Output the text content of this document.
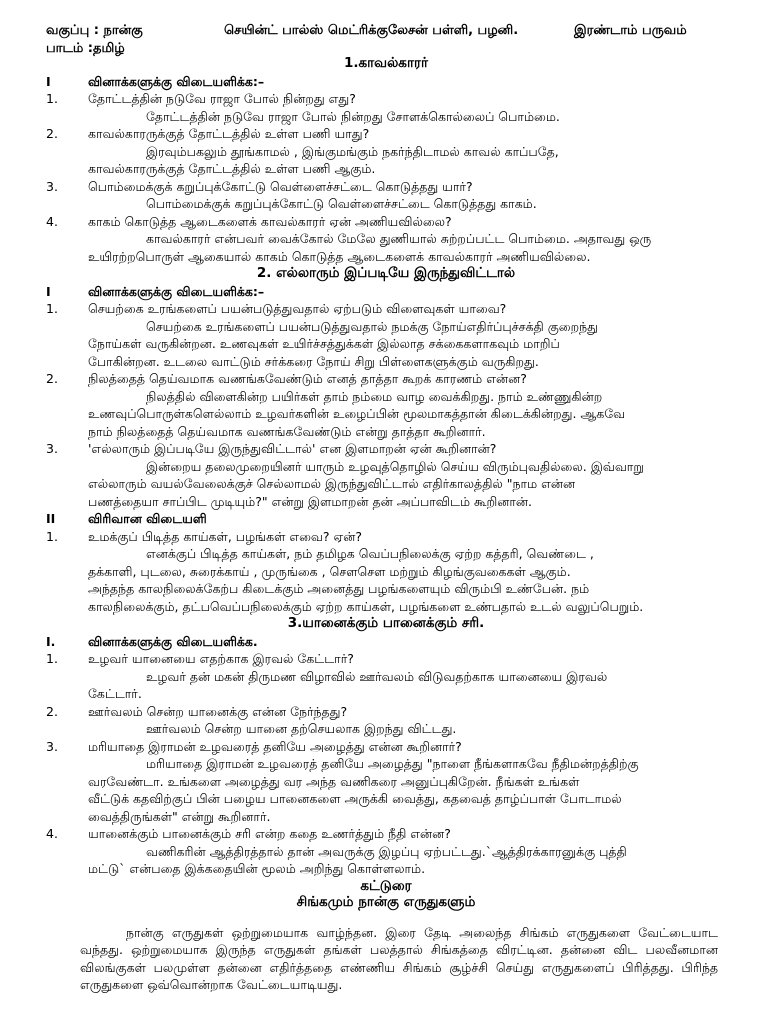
வகுப்பு : நான்கு	செயின்ட் பால்ஸ் மெட்ரிக்குலேசன் பள்ளி, பழனி.	இரண்டாம் பருவம்
பாடம் :தமிழ்
1.காவல்காரர்
I	வினாக்களுக்கு விடையளிக்க:–
1.	தோட்டத்தின் நடுவே ராஜா போல் நின்றது எது?
தோட்டத்தின் நடுவே ராஜா போல் நின்றது சோளக்கொல்லைப் பொம்மை.
2.	காவல்காரருக்குத் தோட்டத்தில் உள்ள பணி யாது?
இரவும்பகலும் தூங்காமல் , இங்குமங்கும் நகர்ந்திடாமல் காவல் காப்பதே,
காவல்காரருக்குத் தோட்டத்தில் உள்ள பணி ஆகும்.
3.	பொம்மைக்குக் கறுப்புக்கோட்டு வெள்ளைச்சட்டை கொடுத்தது யார்?
பொம்மைக்குக் கறுப்புக்கோட்டு வெள்ளைச்சட்டை கொடுத்தது காகம்.
4.	காகம் கொடுத்த ஆடைகளைக் காவல்காரர் ஏன் அணியவில்லை?
காவல்காரர் என்பவர் வைக்கோல் மேலே துணியால் சுற்றப்பட்ட பொம்மை. அதாவது ஒரு
உயிரற்றபொருள் ஆகையால் காகம் கொடுத்த ஆடைகளைக் காவல்காரர் அணியவில்லை.
2. எல்லாரும் இப்படியே இருந்துவிட்டால்
I	வினாக்களுக்கு விடையளிக்க:–
1.	செயற்கை உரங்களைப் பயன்படுத்துவதால் ஏற்படும் விளைவுகள் யாவை?
செயற்கை உரங்களைப் பயன்படுத்துவதால் நமக்கு நோய்எதிர்ப்புச்சக்தி குறைந்து
நோய்கள் வருகின்றன. உணவுகள் உயிர்ச்சத்துக்கள் இல்லாத சக்கைகளாகவும் மாறிப்
போகின்றன. உடலை வாட்டும் சர்க்கரை நோய் சிறு பிள்ளைகளுக்கும் வருகிறது.
2.	நிலத்தைத் தெய்வமாக வணங்கவேண்டும் எனத் தாத்தா கூறக் காரணம் என்ன?
நிலத்தில் விளைகின்ற பயிர்கள் தாம் நம்மை வாழ வைக்கிறது. நாம் உண்ணுகின்ற
உணவுப்பொருள்களெல்லாம் உழவர்களின் உழைப்பின் மூலமாகத்தான் கிடைக்கின்றது. ஆகவே
நாம் நிலத்தைத் தெய்வமாக வணங்கவேண்டும் என்று தாத்தா கூறினார்.
3.	'எல்லாரும் இப்படியே இருந்துவிட்டால்' என இளமாறன் ஏன் கூறினான்?
இன்றைய தலைமுறையினர் யாரும் உழவுத்தொழில் செய்ய விரும்புவதில்லை. இவ்வாறு
எல்லாரும் வயல்வேலைக்குச் செல்லாமல் இருந்துவிட்டால் எதிர்காலத்தில் "நாம என்ன
பணத்தையா சாப்பிட முடியும்?" என்று இளமாறன் தன் அப்பாவிடம் கூறினான்.
II	விரிவான விடையளி
1.	உமக்குப் பிடித்த காய்கள், பழங்கள் எவை? ஏன்?
எனக்குப் பிடித்த காய்கள், நம் தமிழக வெப்பநிலைக்கு ஏற்ற கத்தரி, வெண்டை ,
தக்காளி, புடலை, சுரைக்காய் , முருங்கை , சௌசௌ மற்றும் கிழங்குவகைகள் ஆகும்.
அந்தந்த காலநிலைக்கேற்ப கிடைக்கும் அனைத்து பழங்களையும் விரும்பி உண்பேன். நம்
காலநிலைக்கும், தட்பவெப்பநிலைக்கும் ஏற்ற காய்கள், பழங்களை உண்பதால் உடல் வலுப்பெறும்.
3.யானைக்கும் பானைக்கும் சரி.
I.	வினாக்களுக்கு விடையளிக்க.
1.	உழவர் யானையை எதற்காக இரவல் கேட்டார்?
உழவர் தன் மகன் திருமண விழாவில் ஊர்வலம் விடுவதற்காக யானையை இரவல்
கேட்டார்.
2.	ஊர்வலம் சென்ற யானைக்கு என்ன நேர்ந்தது?
ஊர்வலம் சென்ற யானை தற்செயலாக இறந்து விட்டது.
3.	மரியாதை இராமன் உழவரைத் தனியே அழைத்து என்ன கூறினார்?
மரியாதை இராமன் உழவரைத் தனியே அழைத்து "நாளை நீங்களாகவே நீதிமன்றத்திற்கு
வரவேண்டா. உங்களை அழைத்து வர அந்த வணிகரை அனுப்புகிறேன். நீங்கள் உங்கள்
வீட்டுக் கதவிற்குப் பின் பழைய பானைகளை அருக்கி வைத்து, கதவைத் தாழ்ப்பாள் போடாமல்
வைத்திருங்கள்" என்று கூறினார்.
4.	யானைக்கும் பானைக்கும் சரி என்ற கதை உணர்த்தும் நீதி என்ன?
வணிகரின் ஆத்திரத்தால் தான் அவருக்கு இழப்பு ஏற்பட்டது.`ஆத்திரக்காரனுக்கு புத்தி
மட்டு` என்பதை இக்கதையின் மூலம் அறிந்து கொள்ளலாம்.
கட்டுரை
சிங்கமும் நான்கு எருதுகளும்
நான்கு எருதுகள் ஒற்றுமையாக வாழ்ந்தன. இரை தேடி அலைந்த சிங்கம் எருதுகளை வேட்டையாட வந்தது. ஒற்றுமையாக இருந்த எருதுகள் தங்கள் பலத்தால் சிங்கத்தை விரட்டின. தன்னை விட பலவீனமான விலங்குகள் பலமுள்ள தன்னை எதிர்த்ததை எண்ணிய சிங்கம் சூழ்ச்சி செய்து எருதுகளைப் பிரித்தது. பிரிந்த எருதுகளை ஒவ்வொன்றாக வேட்டையாடியது.
